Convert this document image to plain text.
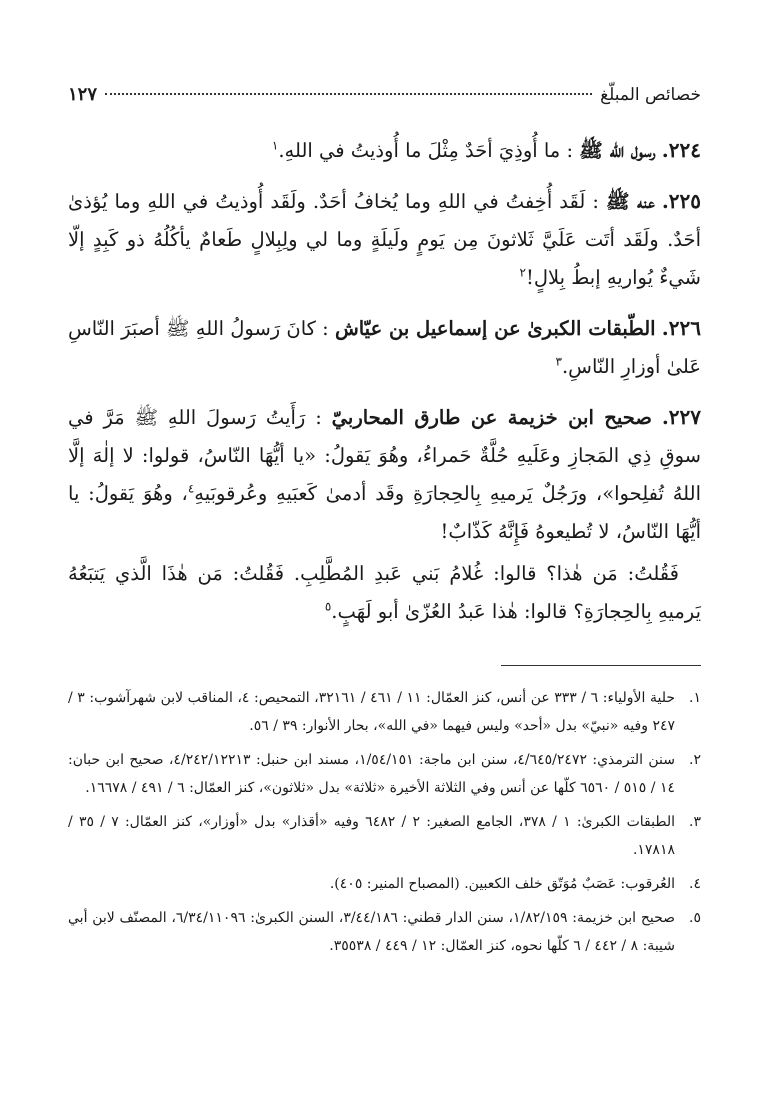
خصائص المبلّغ
١٢٧

٢٢٤. رسول الله ﷺ : ما أُوذِيَ أحَدٌ مِثْلَ ما أُوذيتُ في اللهِ.$^١$

٢٢٥. عنه ﷺ : لَقَد أُخِفتُ في اللهِ وما يُخافُ أحَدٌ. ولَقَد أُوذيتُ في اللهِ وما يُؤذىٰ أحَدٌ. ولَقَد أتَت عَلَيَّ ثَلاثونَ مِن يَومٍ ولَيلَةٍ وما لي ولِبِلالٍ طَعامٌ يأكُلُهُ ذو كَبِدٍ إلّا شَيءٌ يُواريهِ إبطُ بِلالٍ!$^٢$

٢٢٦. الطّبقات الكبرىٰ عن إسماعيل بن عيّاش : كانَ رَسولُ اللهِ ﷺ أصبَرَ النّاسِ عَلىٰ أوزارِ النّاسِ.$^٣$

٢٢٧. صحيح ابن خزيمة عن طارق المحاربيّ : رَأَيتُ رَسولَ اللهِ ﷺ مَرَّ في سوقِ ذِي المَجازِ وعَلَيهِ حُلَّةٌ حَمراءُ، وهُوَ يَقولُ: «يا أيُّهَا النّاسُ، قولوا: لا إلٰهَ إلَّا اللهُ تُفلِحوا»، ورَجُلٌ يَرميهِ بِالحِجارَةِ وقَد أدمىٰ كَعبَيهِ وعُرقوبَيهِ$^٤$، وهُوَ يَقولُ: يا أيُّهَا النّاسُ، لا تُطيعوهُ فَإِنَّهُ كَذّابٌ!

فَقُلتُ: مَن هٰذا؟ قالوا: غُلامُ بَني عَبدِ المُطَّلِبِ. فَقُلتُ: مَن هٰذَا الَّذي يَتبَعُهُ يَرميهِ بِالحِجارَةِ؟ قالوا: هٰذا عَبدُ العُزّىٰ أبو لَهَبٍ.$^٥$

١.
حلية الأولياء: ٦ / ٣٣٣ عن أنس، كنز العمّال: ١١ / ٤٦١ / ٣٢١٦١، التمحيص: ٤، المناقب لابن شهرآشوب: ٣ / ٢٤٧ وفيه «نبيّ» بدل «أحد» وليس فيهما «في الله»، بحار الأنوار: ٣٩ / ٥٦.
٢.
سنن الترمذي: ٤/٦٤٥/٢٤٧٢، سنن ابن ماجة: ١/٥٤/١٥١، مسند ابن حنبل: ٤/٢٤٢/١٢٢١٣، صحيح ابن حبان: ١٤ / ٥١٥ / ٦٥٦٠ كلّها عن أنس وفي الثلاثة الأخيرة «ثلاثة» بدل «ثلاثون»، كنز العمّال: ٦ / ٤٩١ / ١٦٦٧٨.
٣.
الطبقات الكبرىٰ: ١ / ٣٧٨، الجامع الصغير: ٢ / ٦٤٨٢ وفيه «أقذار» بدل «أوزار»، كنز العمّال: ٧ / ٣٥ / ١٧٨١٨.
٤.
العُرقوب: عَصَبٌ مُوَتّق خلف الكعبين. (المصباح المنير: ٤٠٥).
٥.
صحيح ابن خزيمة: ١/٨٢/١٥٩، سنن الدار قطني: ٣/٤٤/١٨٦، السنن الكبرىٰ: ٦/٣٤/١١٠٩٦، المصنّف لابن أبي شيبة: ٨ / ٤٤٢ / ٦ كلّها نحوه، كنز العمّال: ١٢ / ٤٤٩ / ٣٥٥٣٨.
